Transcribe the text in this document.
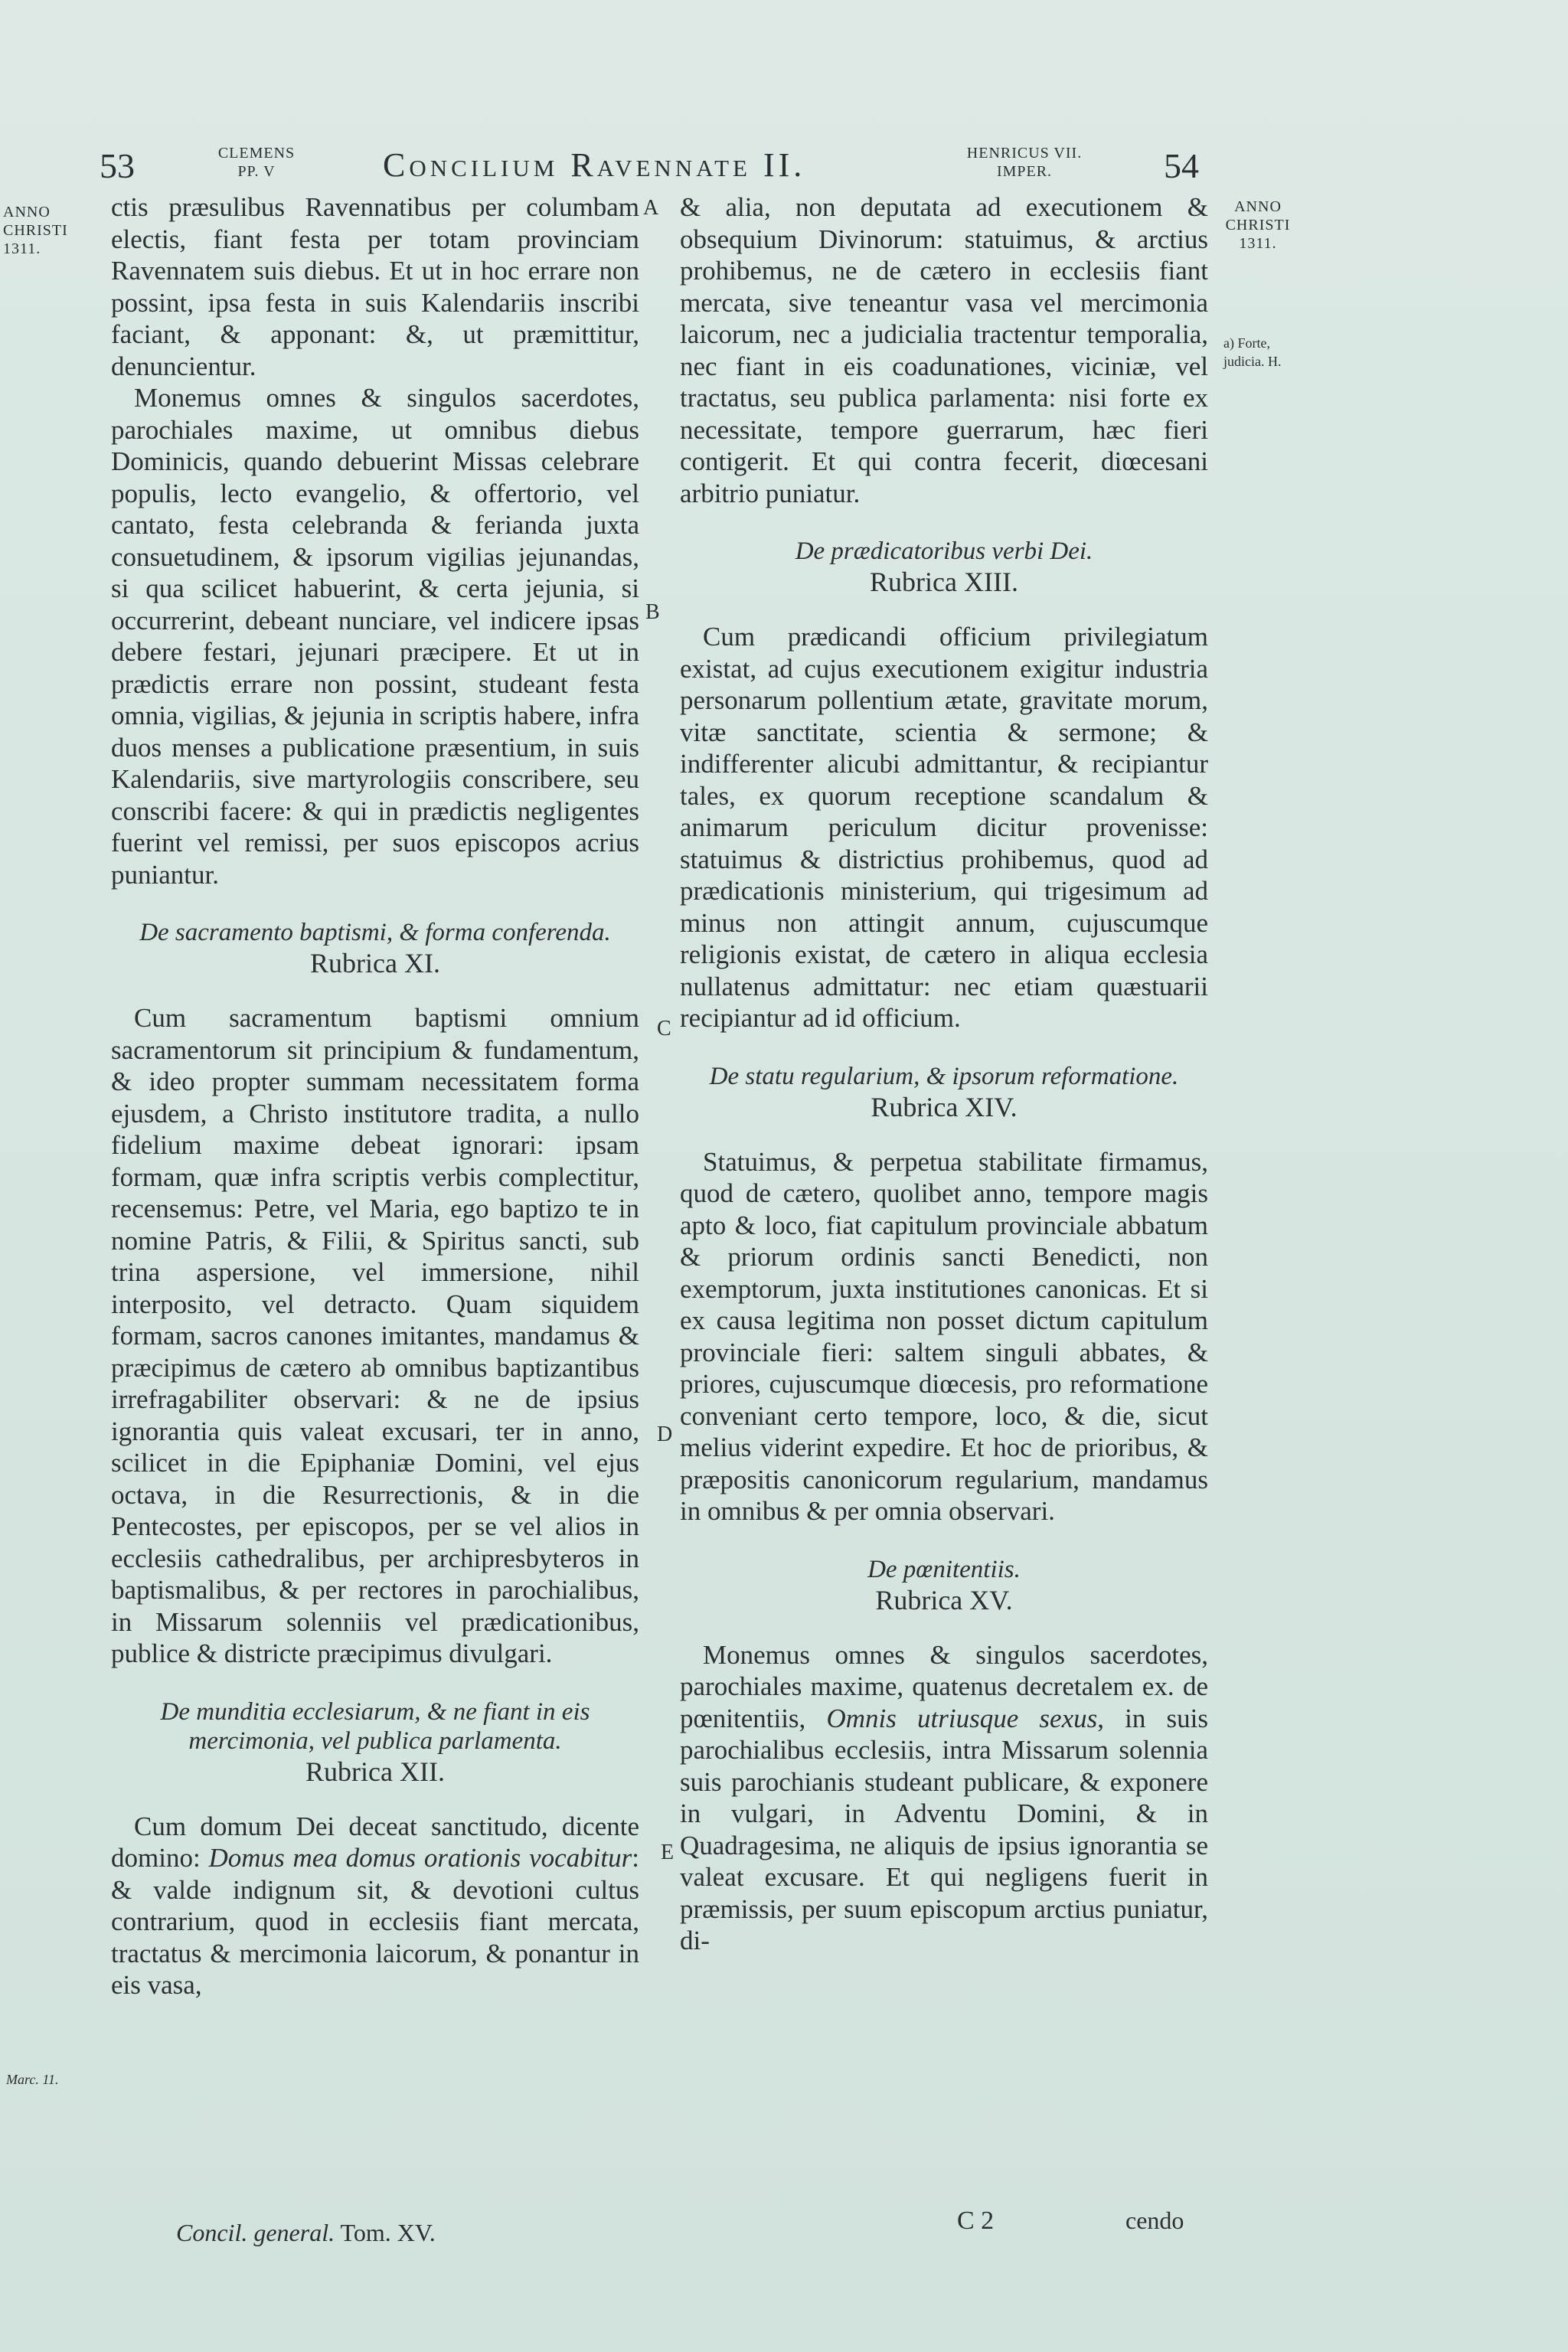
53	CLEMENS
PP. V	Concilium Ravennate II.	HENRICUS VII.
IMPER.	54
ANNO
CHRISTI
1311.
ANNO
CHRISTI
1311.
a) Forte, judicia. H.
Marc. 11.
A
B
C
D
E

ctis præsulibus Ravennatibus per columbam electis, fiant festa per totam provinciam Ravennatem suis diebus. Et ut in hoc errare non possint, ipsa festa in suis Kalendariis inscribi faciant, & apponant: &, ut præmittitur, denuncientur.

Monemus omnes & singulos sacerdotes, parochiales maxime, ut omnibus diebus Dominicis, quando debuerint Missas celebrare populis, lecto evangelio, & offertorio, vel cantato, festa celebranda & ferianda juxta consuetudinem, & ipsorum vigilias jejunandas, si qua scilicet habuerint, & certa jejunia, si occurrerint, debeant nunciare, vel indicere ipsas debere festari, jejunari præcipere. Et ut in prædictis errare non possint, studeant festa omnia, vigilias, & jejunia in scriptis habere, infra duos menses a publicatione præsentium, in suis Kalendariis, sive martyrologiis conscribere, seu conscribi facere: & qui in prædictis negligentes fuerint vel remissi, per suos episcopos acrius puniantur.

De sacramento baptismi, & forma conferenda.

Rubrica XI.

Cum sacramentum baptismi omnium sacramentorum sit principium & fundamentum, & ideo propter summam necessitatem forma ejusdem, a Christo institutore tradita, a nullo fidelium maxime debeat ignorari: ipsam formam, quæ infra scriptis verbis complectitur, recensemus: Petre, vel Maria, ego baptizo te in nomine Patris, & Filii, & Spiritus sancti, sub trina aspersione, vel immersione, nihil interposito, vel detracto. Quam siquidem formam, sacros canones imitantes, mandamus & præcipimus de cætero ab omnibus baptizantibus irrefragabiliter observari: & ne de ipsius ignorantia quis valeat excusari, ter in anno, scilicet in die Epiphaniæ Domini, vel ejus octava, in die Resurrectionis, & in die Pentecostes, per episcopos, per se vel alios in ecclesiis cathedralibus, per archipresbyteros in baptismalibus, & per rectores in parochialibus, in Missarum solenniis vel prædicationibus, publice & districte præcipimus divulgari.

De munditia ecclesiarum, & ne fiant in eis mercimonia, vel publica parlamenta.

Rubrica XII.

Cum domum Dei deceat sanctitudo, dicente domino: Domus mea domus orationis vocabitur: & valde indignum sit, & devotioni cultus contrarium, quod in ecclesiis fiant mercata, tractatus & mercimonia laicorum, & ponantur in eis vasa,

& alia, non deputata ad executionem & obsequium Divinorum: statuimus, & arctius prohibemus, ne de cætero in ecclesiis fiant mercata, sive teneantur vasa vel mercimonia laicorum, nec a judicialia tractentur temporalia, nec fiant in eis coadunationes, viciniæ, vel tractatus, seu publica parlamenta: nisi forte ex necessitate, tempore guerrarum, hæc fieri contigerit. Et qui contra fecerit, diœcesani arbitrio puniatur.

De prædicatoribus verbi Dei.

Rubrica XIII.

Cum prædicandi officium privilegiatum existat, ad cujus executionem exigitur industria personarum pollentium ætate, gravitate morum, vitæ sanctitate, scientia & sermone; & indifferenter alicubi admittantur, & recipiantur tales, ex quorum receptione scandalum & animarum periculum dicitur provenisse: statuimus & districtius prohibemus, quod ad prædicationis ministerium, qui trigesimum ad minus non attingit annum, cujuscumque religionis existat, de cætero in aliqua ecclesia nullatenus admittatur: nec etiam quæstuarii recipiantur ad id officium.

De statu regularium, & ipsorum reformatione.

Rubrica XIV.

Statuimus, & perpetua stabilitate firmamus, quod de cætero, quolibet anno, tempore magis apto & loco, fiat capitulum provinciale abbatum & priorum ordinis sancti Benedicti, non exemptorum, juxta institutiones canonicas. Et si ex causa legitima non posset dictum capitulum provinciale fieri: saltem singuli abbates, & priores, cujuscumque diœcesis, pro reformatione conveniant certo tempore, loco, & die, sicut melius viderint expedire. Et hoc de prioribus, & præpositis canonicorum regularium, mandamus in omnibus & per omnia observari.

De pœnitentiis.

Rubrica XV.

Monemus omnes & singulos sacerdotes, parochiales maxime, quatenus decretalem ex. de pœnitentiis, Omnis utriusque sexus, in suis parochialibus ecclesiis, intra Missarum solennia suis parochianis studeant publicare, & exponere in vulgari, in Adventu Domini, & in Quadragesima, ne aliquis de ipsius ignorantia se valeat excusare. Et qui negligens fuerit in præmissis, per suum episcopum arctius puniatur, di-

Concil. general. Tom. XV.	C 2	cendo
